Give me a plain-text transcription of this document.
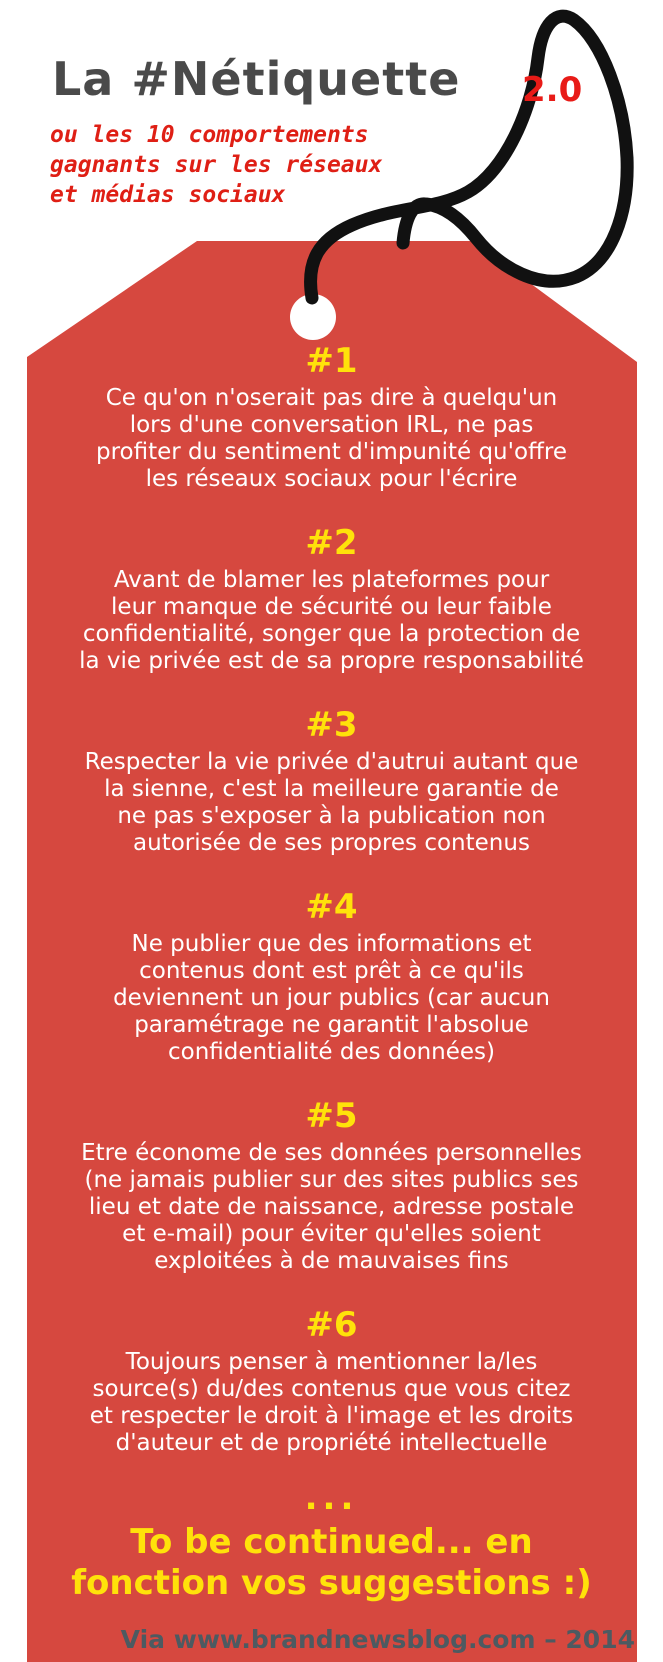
La #Nétiquette 2.0
ou les 10 comportements
gagnants sur les réseaux
et médias sociaux
#1
Ce qu'on n'oserait pas dire à quelqu'un
lors d'une conversation IRL, ne pas
profiter du sentiment d'impunité qu'offre
les réseaux sociaux pour l'écrire
#2
Avant de blamer les plateformes pour
leur manque de sécurité ou leur faible
confidentialité, songer que la protection de
la vie privée est de sa propre responsabilité
#3
Respecter la vie privée d'autrui autant que
la sienne, c'est la meilleure garantie de
ne pas s'exposer à la publication non
autorisée de ses propres contenus
#4
Ne publier que des informations et
contenus dont est prêt à ce qu'ils
deviennent un jour publics (car aucun
paramétrage ne garantit l'absolue
confidentialité des données)
#5
Etre économe de ses données personnelles
(ne jamais publier sur des sites publics ses
lieu et date de naissance, adresse postale
et e-mail) pour éviter qu'elles soient
exploitées à de mauvaises fins
#6
Toujours penser à mentionner la/les
source(s) du/des contenus que vous citez
et respecter le droit à l'image et les droits
d'auteur et de propriété intellectuelle
...
To be continued... en
fonction vos suggestions :)
Via www.brandnewsblog.com – 2014
